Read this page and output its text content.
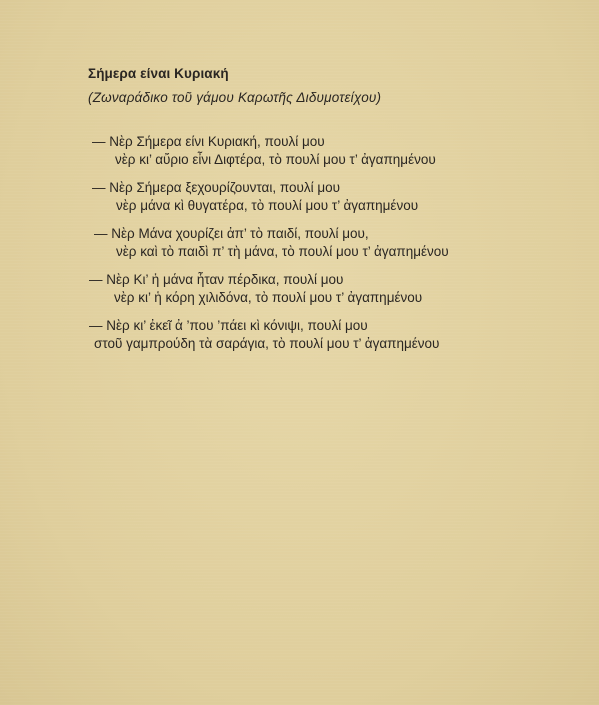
Σήμερα είναι Κυριακή
(Ζωναράδικο τοῦ γάμου Καρωτῆς Διδυμοτείχου)
— Νὲρ Σήμερα είνι Κυριακή, πουλί μου
νὲρ κι’ αὔριο εἶνι Διφτέρα, τὸ πουλί μου τ’ ἀγαπημένου
— Νὲρ Σήμερα ξεχουρίζουνται, πουλί μου
νὲρ μάνα κὶ θυγατέρα, τὸ πουλί μου τ’ ἀγαπημένου
— Νὲρ Μάνα χουρίζει ἀπ’ τὸ παιδί, πουλί μου,
νὲρ καὶ τὸ παιδὶ π’ τὴ μάνα, τὸ πουλί μου τ’ ἀγαπημένου
— Νὲρ Κι’ ἡ μάνα ἦταν πέρδικα, πουλί μου
νὲρ κι’ ἡ κόρη χιλιδόνα, τὸ πουλί μου τ’ ἀγαπημένου
— Νὲρ κι’ ἐκεῖ ἀ ’που ’πάει κὶ κόνιψι, πουλί μου
στοῦ γαμπρούδη τὰ σαράγια, τὸ πουλί μου τ’ ἀγαπημένου
